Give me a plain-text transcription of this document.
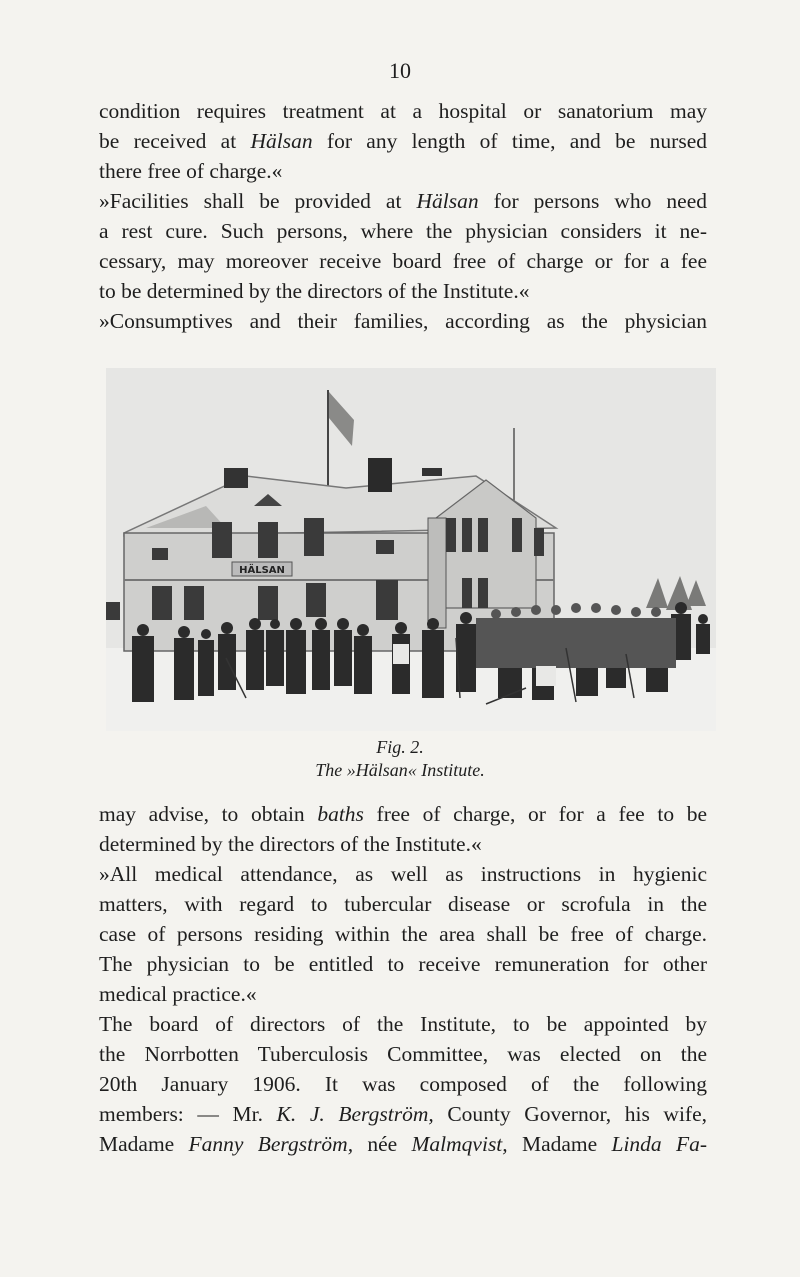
10
condition requires treatment at a hospital or sanatorium may
be received at Hälsan for any length of time, and be nursed
there free of charge.«
»Facilities shall be provided at Hälsan for persons who need
a rest cure. Such persons, where the physician considers it ne-
cessary, may moreover receive board free of charge or for a fee
to be determined by the directors of the Institute.«
»Consumptives and their families, according as the physician
HÄLSAN
Fig. 2.
The »Hälsan« Institute.
may advise, to obtain baths free of charge, or for a fee to be
determined by the directors of the Institute.«
»All medical attendance, as well as instructions in hygienic
matters, with regard to tubercular disease or scrofula in the
case of persons residing within the area shall be free of charge.
The physician to be entitled to receive remuneration for other
medical practice.«
The board of directors of the Institute, to be appointed by
the Norrbotten Tuberculosis Committee, was elected on the
20th January 1906. It was composed of the following
members: — Mr. K. J. Bergström, County Governor, his wife,
Madame Fanny Bergström, née Malmqvist, Madame Linda Fa-
